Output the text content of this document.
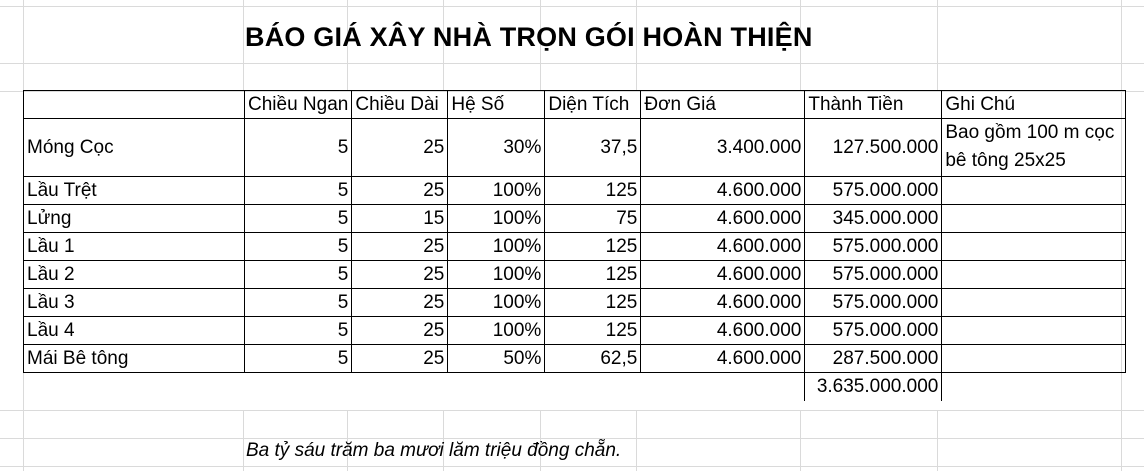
BÁO GIÁ XÂY NHÀ TRỌN GÓI HOÀN THIỆN
	Chiều Ngan	Chiều Dài	Hệ Số	Diện Tích	Đơn Giá	Thành Tiền	Ghi Chú
Móng Cọc	5	25	30%	37,5	3.400.000	127.500.000	Bao gồm 100 m cọc bê tông 25x25
Lầu Trệt	5	25	100%	125	4.600.000	575.000.000	
Lửng	5	15	100%	75	4.600.000	345.000.000	
Lầu 1	5	25	100%	125	4.600.000	575.000.000	
Lầu 2	5	25	100%	125	4.600.000	575.000.000	
Lầu 3	5	25	100%	125	4.600.000	575.000.000	
Lầu 4	5	25	100%	125	4.600.000	575.000.000	
Mái Bê tông	5	25	50%	62,5	4.600.000	287.500.000	
						3.635.000.000	
Ba tỷ sáu trăm ba mươi lăm triệu đồng chẵn.
